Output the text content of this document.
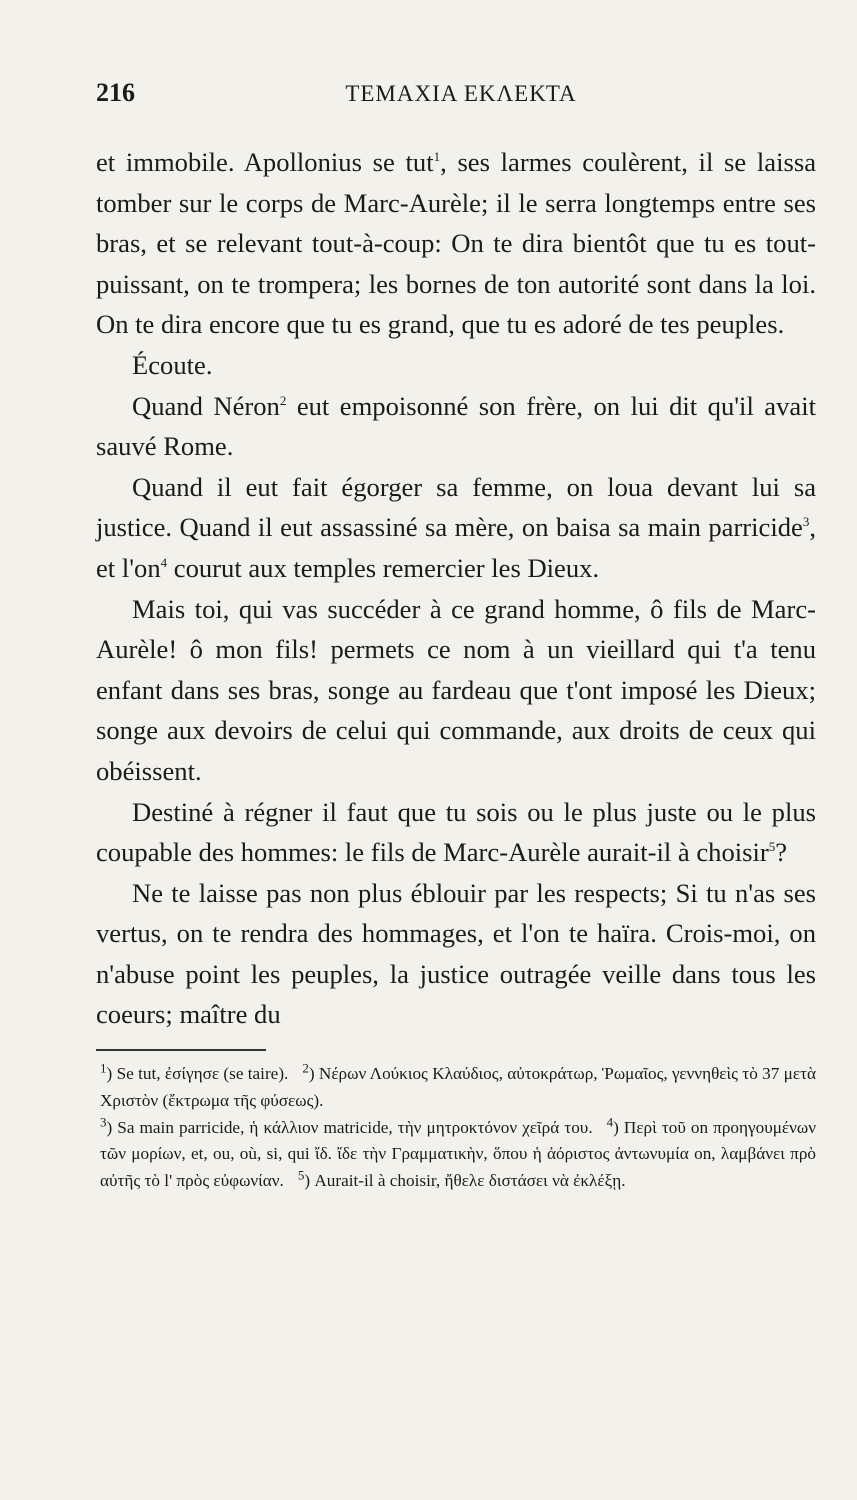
216	ΤΕΜΑΧΙΑ ΕΚΛΕΚΤΑ

et immobile. Apollonius se tut$^1$, ses larmes coulèrent, il se laissa tomber sur le corps de Marc-Aurèle; il le serra longtemps entre ses bras, et se relevant tout-à-coup: On te dira bientôt que tu es tout-puissant, on te trompera; les bornes de ton autorité sont dans la loi. On te dira encore que tu es grand, que tu es adoré de tes peuples.

Écoute.

Quand Néron$^2$ eut empoisonné son frère, on lui dit qu'il avait sauvé Rome.

Quand il eut fait égorger sa femme, on loua devant lui sa justice. Quand il eut assassiné sa mère, on baisa sa main parricide$^3$, et $l'on^4$ courut aux temples remercier les Dieux.

Mais toi, qui vas succéder à ce grand homme, ô fils de Marc-Aurèle! ô mon fils! permets ce nom à un vieillard qui t'a tenu enfant dans ses bras, songe au fardeau que t'ont imposé les Dieux; songe aux devoirs de celui qui commande, aux droits de ceux qui obéissent.

Destiné à régner il faut que tu sois ou le plus juste ou le plus coupable des hommes: le fils de Marc-Aurèle aurait-il à choisir$^5$?

Ne te laisse pas non plus éblouir par les respects; Si tu n'as ses vertus, on te rendra des hommages, et l'on te haïra. Crois-moi, on n'abuse point les peuples, la justice outragée veille dans tous les coeurs; maître du

$^1$) Se tut, ἐσίγησε (se taire). $^2$) Νέρων Λούκιος Κλαύδιος, αὐτοκράτωρ, Ῥωμαῖος, γεννηθεὶς τὸ 37 μετὰ Χριστὸν (ἔκτρωμα τῆς φύσεως).
$^3$) Sa main parricide, ἡ κάλλιον matricide, τὴν μητροκτόνον χεῖρά του. $^4$) Περὶ τοῦ on προηγουμένων τῶν μορίων, et, ou, où, si, qui ἴδ. ἴδε τὴν Γραμματικὴν, ὅπου ἡ ἀόριστος ἀντωνυμία on, λαμβάνει πρὸ αὐτῆς τὸ l' πρὸς εὐφωνίαν. $^5$) Aurait-il à choisir, ἤθελε διστάσει νὰ ἐκλέξῃ.
